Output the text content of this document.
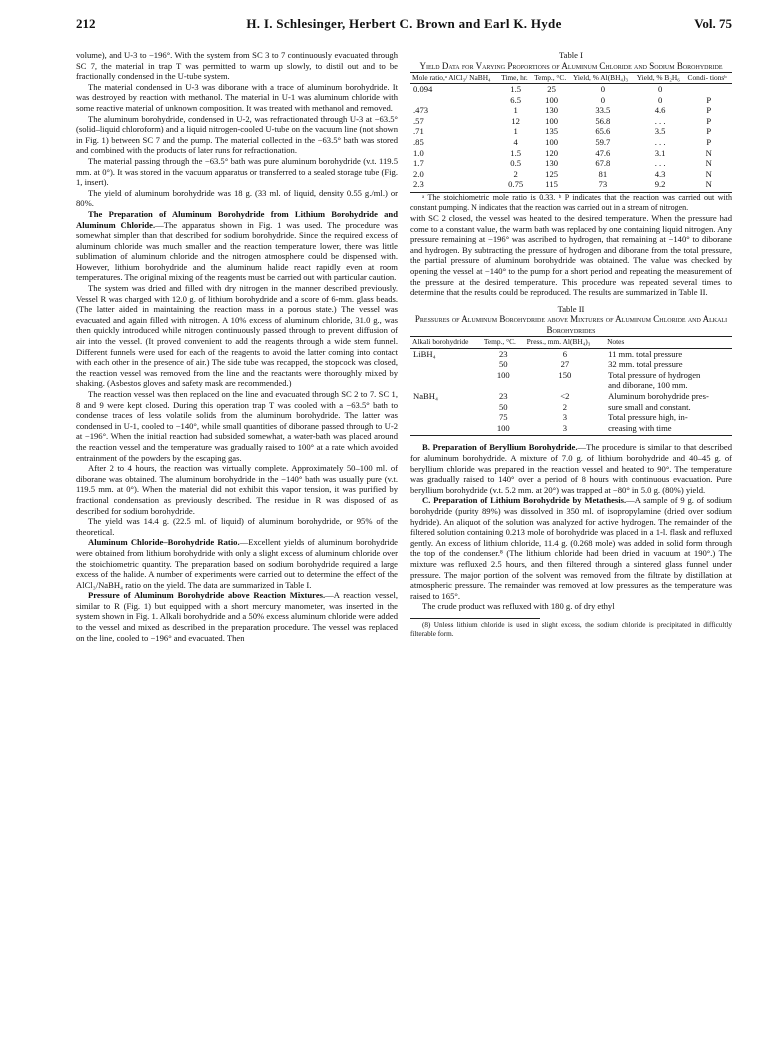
212	H. I. Schlesinger, Herbert C. Brown and Earl K. Hyde	Vol. 75

volume), and U-3 to −196°. With the system from SC 3 to 7 continuously evacuated through SC 7, the material in trap T was permitted to warm up slowly, to distil out and to be fractionally condensed in the U-tube system.

The material condensed in U-3 was diborane with a trace of aluminum borohydride. It was destroyed by reaction with methanol. The material in U-1 was aluminum chloride with some reactive material of unknown composition. It was treated with methanol and removed.

The aluminum borohydride, condensed in U-2, was refractionated through U-3 at −63.5° (solid–liquid chloroform) and a liquid nitrogen-cooled U-tube on the vacuum line (not shown in Fig. 1) between SC 7 and the pump. The material collected in the −63.5° bath was stored and combined with the products of later runs for refractionation.

The material passing through the −63.5° bath was pure aluminum borohydride (v.t. 119.5 mm. at 0°). It was stored in the vacuum apparatus or transferred to a sealed storage tube (Fig. 1, insert).

The yield of aluminum borohydride was 18 g. (33 ml. of liquid, density 0.55 g./ml.) or 80%.

The Preparation of Aluminum Borohydride from Lithium Borohydride and Aluminum Chloride.—The apparatus shown in Fig. 1 was used. The procedure was somewhat simpler than that described for sodium borohydride. Since the required excess of aluminum chloride was much smaller and the reaction temperature lower, there was little sublimation of aluminum chloride and the nitrogen atmosphere could be dispensed with. However, lithium borohydride and the aluminum halide react rapidly even at room temperatures. The original mixing of the reagents must be carried out with particular caution.

The system was dried and filled with dry nitrogen in the manner described previously. Vessel R was charged with 12.0 g. of lithium borohydride and a score of 6-mm. glass beads. (The latter aided in maintaining the reaction mass in a porous state.) The vessel was evacuated and again filled with nitrogen. A 10% excess of aluminum chloride, 31.0 g., was then quickly introduced while nitrogen continuously passed through to prevent diffusion of air into the vessel. (It proved convenient to add the reagents through a wide stem funnel. Different funnels were used for each of the reagents to avoid the latter coming into contact with each other in the presence of air.) The side tube was recapped, the stopcock was closed, the reaction vessel was removed from the line and the reactants were thoroughly mixed by shaking. (Asbestos gloves and safety mask are recommended.)

The reaction vessel was then replaced on the line and evacuated through SC 2 to 7. SC 1, 8 and 9 were kept closed. During this operation trap T was cooled with a −63.5° bath to condense traces of less volatile solids from the aluminum borohydride. The latter was condensed in U-1, cooled to −140°, while small quantities of diborane passed through to U-2 at −196°. When the initial reaction had subsided somewhat, a water-bath was placed around the reaction vessel and the temperature was gradually raised to 100° at a rate which avoided entrainment of the powders by the escaping gas.

After 2 to 4 hours, the reaction was virtually complete. Approximately 50–100 ml. of diborane was obtained. The aluminum borohydride in the −140° bath was usually pure (v.t. 119.5 mm. at 0°). When the material did not exhibit this vapor tension, it was purified by fractional condensation as previously described. The residue in R was disposed of as described for sodium borohydride.

The yield was 14.4 g. (22.5 ml. of liquid) of aluminum borohydride, or 95% of the theoretical.

Aluminum Chloride–Borohydride Ratio.—Excellent yields of aluminum borohydride were obtained from lithium borohydride with only a slight excess of aluminum chloride over the stoichiometric quantity. The preparation based on sodium borohydride required a large excess of the halide. A number of experiments were carried out to determine the effect of the AlCl₃/NaBH₄ ratio on the yield. The data are summarized in Table I.

Pressure of Aluminum Borohydride above Reaction Mixtures.—A reaction vessel, similar to R (Fig. 1) but equipped with a short mercury manometer, was inserted in the system shown in Fig. 1. Alkali borohydride and a 50% excess aluminum chloride were added to the vessel and mixed as described in the preparation procedure. The vessel was replaced on the line, cooled to −196° and evacuated. Then

Table I

Yield Data for Varying Proportions of Aluminum Chloride and Sodium Borohydride

Mole ratio,ᵃ AlCl₃/ NaBH₄	Time, hr.	Temp., °C.	Yield, % Al(BH₄)₃	Yield, % B₂H₆	Condi- tionsᵇ
0.094	1.5	25	0	0	
	6.5	100	0	0	P
.473	1	130	33.5	4.6	P
.57	12	100	56.8	. . .	P
.71	1	135	65.6	3.5	P
.85	4	100	59.7	. . .	P
1.0	1.5	120	47.6	3.1	N
1.7	0.5	130	67.8	. . .	N
2.0	2	125	81	4.3	N
2.3	0.75	115	73	9.2	N

ᵃ The stoichiometric mole ratio is 0.33. ᵇ P indicates that the reaction was carried out with constant pumping. N indicates that the reaction was carried out in a stream of nitrogen.

with SC 2 closed, the vessel was heated to the desired temperature. When the pressure had come to a constant value, the warm bath was replaced by one containing liquid nitrogen. Any pressure remaining at −196° was ascribed to hydrogen, that remaining at −140° to diborane and hydrogen. By subtracting the pressure of hydrogen and diborane from the total pressure, the partial pressure of aluminum borohydride was obtained. The value was checked by opening the vessel at −140° to the pump for a short period and repeating the measurement of the pressure at the desired temperature. This procedure was repeated several times to determine that the results could be reproduced. The results are summarized in Table II.

Table II

Pressures of Aluminum Borohydride above Mixtures of Aluminum Chloride and Alkali Borohydrides

Alkali borohydride	Temp., °C.	Press., mm. Al(BH₄)₃	Notes
LiBH₄	23	6	11 mm. total pressure
	50	27	32 mm. total pressure
	100	150	Total pressure of hydrogen
			and diborane, 100 mm.
NaBH₄	23	<2	Aluminum borohydride pres-
	50	2	sure small and constant.
	75	3	Total pressure high, in-
	100	3	creasing with time

B. Preparation of Beryllium Borohydride.—The procedure is similar to that described for aluminum borohydride. A mixture of 7.0 g. of lithium borohydride and 40–45 g. of beryllium chloride was prepared in the reaction vessel and heated to 90°. The temperature was gradually raised to 140° over a period of 8 hours with continuous evacuation. Pure beryllium borohydride (v.t. 5.2 mm. at 20°) was trapped at −80° in 5.0 g. (80%) yield.

C. Preparation of Lithium Borohydride by Metathesis.—A sample of 9 g. of sodium borohydride (purity 89%) was dissolved in 350 ml. of isopropylamine (dried over sodium hydride). An aliquot of the solution was analyzed for active hydrogen. The remainder of the filtered solution containing 0.213 mole of borohydride was placed in a 1-l. flask and refluxed gently. An excess of lithium chloride, 11.4 g. (0.268 mole) was added in solid form through the top of the condenser.⁸ (The lithium chloride had been dried in vacuum at 190°.) The mixture was refluxed 2.5 hours, and then filtered through a sintered glass funnel under pressure. The major portion of the solvent was removed from the filtrate by distillation at atmospheric pressure. The remainder was removed at low pressures as the temperature was raised to 165°.

The crude product was refluxed with 180 g. of dry ethyl

(8) Unless lithium chloride is used in slight excess, the sodium chloride is precipitated in difficultly filterable form.
